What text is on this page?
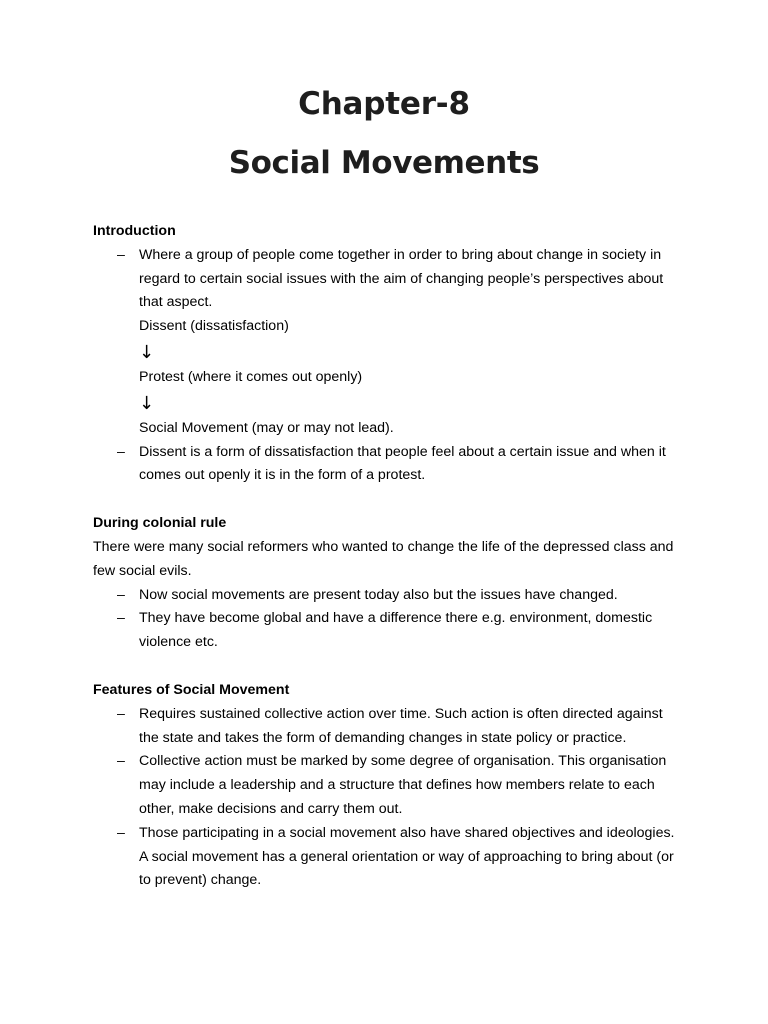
Chapter-8
Social Movements

Introduction

– Where a group of people come together in order to bring about change in society in regard to certain social issues with the aim of changing people’s perspectives about that aspect.
Dissent (dissatisfaction)
↓
Protest (where it comes out openly)
↓
Social Movement (may or may not lead).
– Dissent is a form of dissatisfaction that people feel about a certain issue and when it comes out openly it is in the form of a protest.

During colonial rule

There were many social reformers who wanted to change the life of the depressed class and few social evils.

– Now social movements are present today also but the issues have changed.
– They have become global and have a difference there e.g. environment, domestic violence etc.

Features of Social Movement

– Requires sustained collective action over time. Such action is often directed against the state and takes the form of demanding changes in state policy or practice.
– Collective action must be marked by some degree of organisation. This organisation may include a leadership and a structure that defines how members relate to each other, make decisions and carry them out.
– Those participating in a social movement also have shared objectives and ideologies. A social movement has a general orientation or way of approaching to bring about (or to prevent) change.
